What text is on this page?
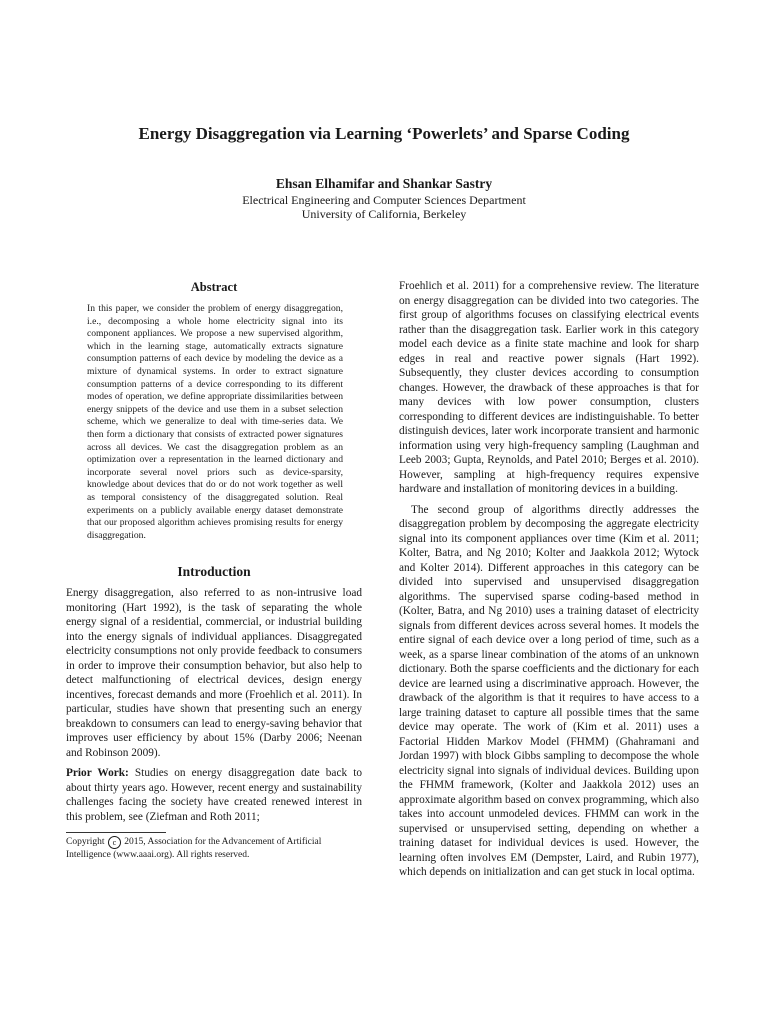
Energy Disaggregation via Learning ‘Powerlets’ and Sparse Coding
Ehsan Elhamifar and Shankar Sastry
Electrical Engineering and Computer Sciences Department
University of California, Berkeley
Abstract

In this paper, we consider the problem of energy disaggregation, i.e., decomposing a whole home electricity signal into its component appliances. We propose a new supervised algorithm, which in the learning stage, automatically extracts signature consumption patterns of each device by modeling the device as a mixture of dynamical systems. In order to extract signature consumption patterns of a device corresponding to its different modes of operation, we define appropriate dissimilarities between energy snippets of the device and use them in a subset selection scheme, which we generalize to deal with time-series data. We then form a dictionary that consists of extracted power signatures across all devices. We cast the disaggregation problem as an optimization over a representation in the learned dictionary and incorporate several novel priors such as device-sparsity, knowledge about devices that do or do not work together as well as temporal consistency of the disaggregated solution. Real experiments on a publicly available energy dataset demonstrate that our proposed algorithm achieves promising results for energy disaggregation.

Introduction

Energy disaggregation, also referred to as non-intrusive load monitoring (Hart 1992), is the task of separating the whole energy signal of a residential, commercial, or industrial building into the energy signals of individual appliances. Disaggregated electricity consumptions not only provide feedback to consumers in order to improve their consumption behavior, but also help to detect malfunctioning of electrical devices, design energy incentives, forecast demands and more (Froehlich et al. 2011). In particular, studies have shown that presenting such an energy breakdown to consumers can lead to energy-saving behavior that improves user efficiency by about 15% (Darby 2006; Neenan and Robinson 2009).

Prior Work: Studies on energy disaggregation date back to about thirty years ago. However, recent energy and sustainability challenges facing the society have created renewed interest in this problem, see (Ziefman and Roth 2011;

Copyright c 2015, Association for the Advancement of Artificial Intelligence (www.aaai.org). All rights reserved.

Froehlich et al. 2011) for a comprehensive review. The literature on energy disaggregation can be divided into two categories. The first group of algorithms focuses on classifying electrical events rather than the disaggregation task. Earlier work in this category model each device as a finite state machine and look for sharp edges in real and reactive power signals (Hart 1992). Subsequently, they cluster devices according to consumption changes. However, the drawback of these approaches is that for many devices with low power consumption, clusters corresponding to different devices are indistinguishable. To better distinguish devices, later work incorporate transient and harmonic information using very high-frequency sampling (Laughman and Leeb 2003; Gupta, Reynolds, and Patel 2010; Berges et al. 2010). However, sampling at high-frequency requires expensive hardware and installation of monitoring devices in a building.

The second group of algorithms directly addresses the disaggregation problem by decomposing the aggregate electricity signal into its component appliances over time (Kim et al. 2011; Kolter, Batra, and Ng 2010; Kolter and Jaakkola 2012; Wytock and Kolter 2014). Different approaches in this category can be divided into supervised and unsupervised disaggregation algorithms. The supervised sparse coding-based method in (Kolter, Batra, and Ng 2010) uses a training dataset of electricity signals from different devices across several homes. It models the entire signal of each device over a long period of time, such as a week, as a sparse linear combination of the atoms of an unknown dictionary. Both the sparse coefficients and the dictionary for each device are learned using a discriminative approach. However, the drawback of the algorithm is that it requires to have access to a large training dataset to capture all possible times that the same device may operate. The work of (Kim et al. 2011) uses a Factorial Hidden Markov Model (FHMM) (Ghahramani and Jordan 1997) with block Gibbs sampling to decompose the whole electricity signal into signals of individual devices. Building upon the FHMM framework, (Kolter and Jaakkola 2012) uses an approximate algorithm based on convex programming, which also takes into account unmodeled devices. FHMM can work in the supervised or unsupervised setting, depending on whether a training dataset for individual devices is used. However, the learning often involves EM (Dempster, Laird, and Rubin 1977), which depends on initialization and can get stuck in local optima.
